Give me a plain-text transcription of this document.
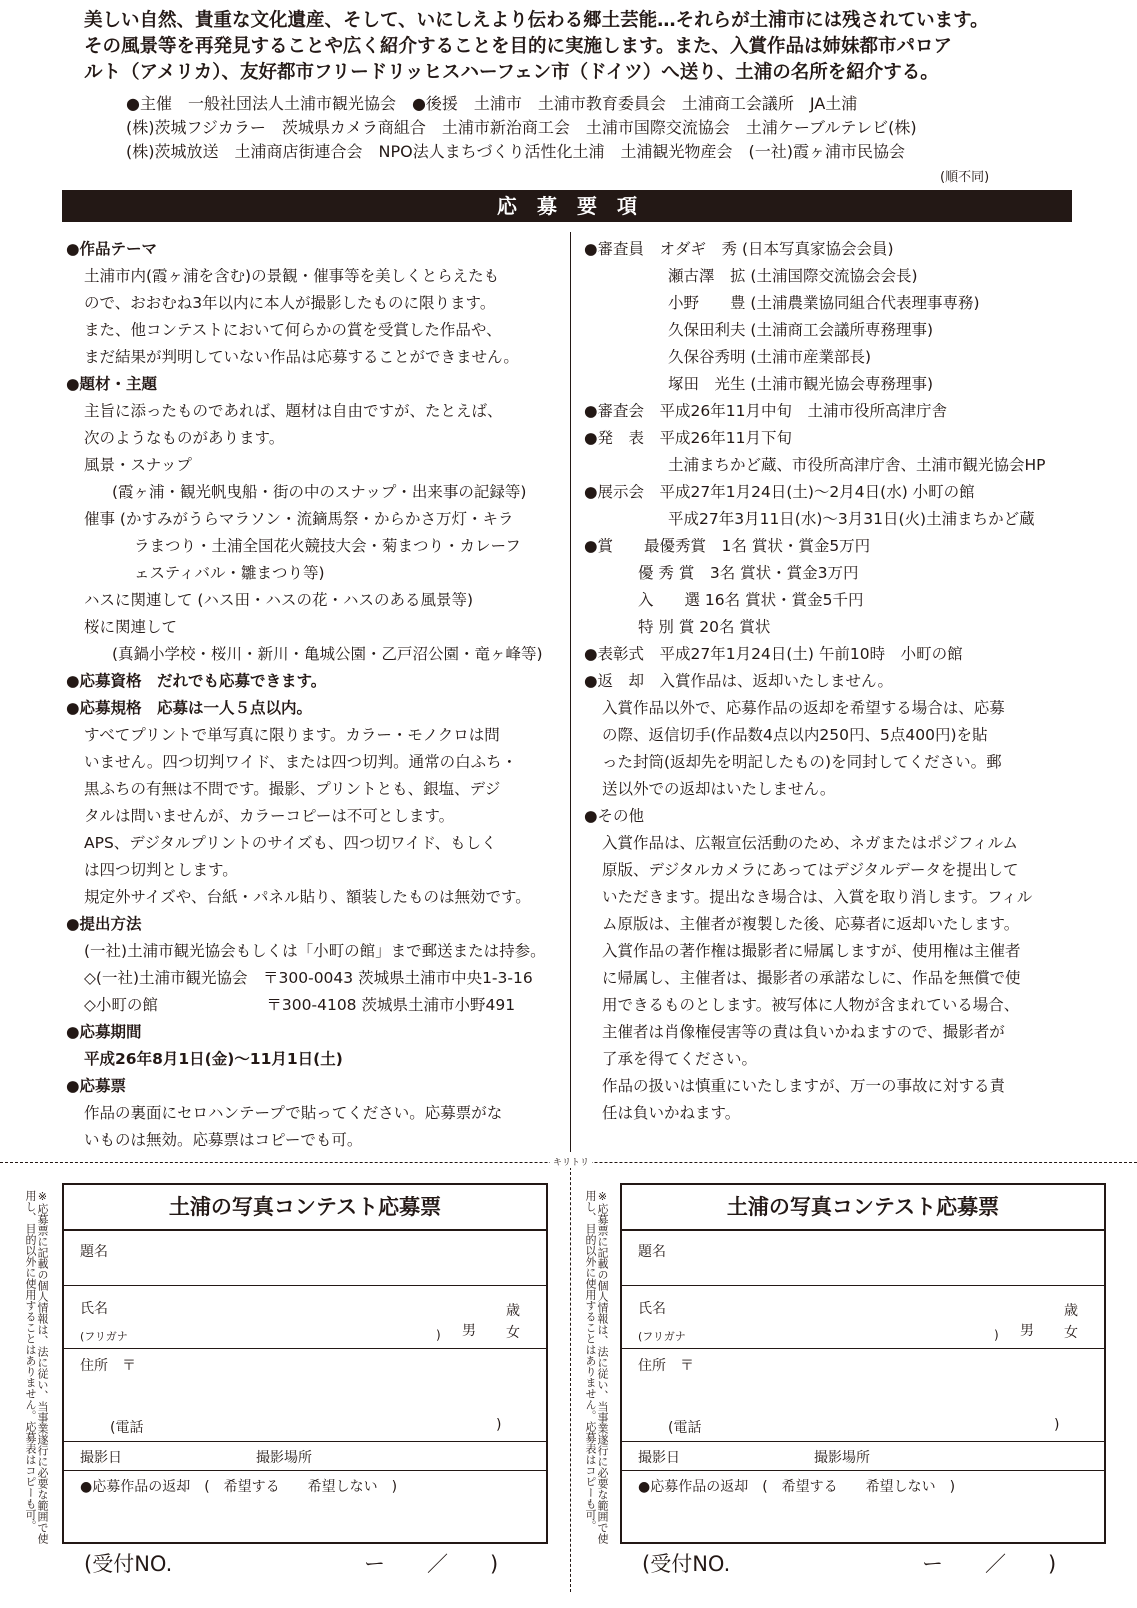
美しい自然、貴重な文化遺産、そして、いにしえより伝わる郷土芸能…それらが土浦市には残されています。
その風景等を再発見することや広く紹介することを目的に実施します。また、入賞作品は姉妹都市パロア
ルト（アメリカ）、友好都市フリードリッヒスハーフェン市（ドイツ）へ送り、土浦の名所を紹介する。
●主催　一般社団法人土浦市観光協会　●後援　土浦市　土浦市教育委員会　土浦商工会議所　JA土浦
(株)茨城フジカラー　茨城県カメラ商組合　土浦市新治商工会　土浦市国際交流協会　土浦ケーブルテレビ(株)
(株)茨城放送　土浦商店街連合会　NPO法人まちづくり活性化土浦　土浦観光物産会　(一社)霞ヶ浦市民協会
(順不同)
応　募　要　項
●作品テーマ
土浦市内(霞ヶ浦を含む)の景観・催事等を美しくとらえたも
ので、おおむね3年以内に本人が撮影したものに限ります。
また、他コンテストにおいて何らかの賞を受賞した作品や、
まだ結果が判明していない作品は応募することができません。
●題材・主題
主旨に添ったものであれば、題材は自由ですが、たとえば、
次のようなものがあります。
風景・スナップ
(霞ヶ浦・観光帆曳船・街の中のスナップ・出来事の記録等)
催事 (かすみがうらマラソン・流鏑馬祭・からかさ万灯・キラ
ラまつり・土浦全国花火競技大会・菊まつり・カレーフ
ェスティバル・雛まつり等)
ハスに関連して (ハス田・ハスの花・ハスのある風景等)
桜に関連して
(真鍋小学校・桜川・新川・亀城公園・乙戸沼公園・竜ヶ峰等)
●応募資格　だれでも応募できます。
●応募規格　応募は一人５点以内。
すべてプリントで単写真に限ります。カラー・モノクロは問
いません。四つ切判ワイド、または四つ切判。通常の白ふち・
黒ふちの有無は不問です。撮影、プリントとも、銀塩、デジ
タルは問いませんが、カラーコピーは不可とします。
APS、デジタルプリントのサイズも、四つ切ワイド、もしく
は四つ切判とします。
規定外サイズや、台紙・パネル貼り、額装したものは無効です。
●提出方法
(一社)土浦市観光協会もしくは「小町の館」まで郵送または持参。
◇(一社)土浦市観光協会　〒300-0043 茨城県土浦市中央1-3-16
◇小町の館　　　　　　　〒300-4108 茨城県土浦市小野491
●応募期間
平成26年8月1日(金)～11月1日(土)
●応募票
作品の裏面にセロハンテープで貼ってください。応募票がな
いものは無効。応募票はコピーでも可。
●審査員　オダギ　秀 (日本写真家協会会員)
瀬古澤　拡 (土浦国際交流協会会長)
小野　　豊 (土浦農業協同組合代表理事専務)
久保田利夫 (土浦商工会議所専務理事)
久保谷秀明 (土浦市産業部長)
塚田　光生 (土浦市観光協会専務理事)
●審査会　平成26年11月中旬　土浦市役所高津庁舎
●発　表　平成26年11月下旬
土浦まちかど蔵、市役所高津庁舎、土浦市観光協会HP
●展示会　平成27年1月24日(土)～2月4日(水) 小町の館
平成27年3月11日(水)～3月31日(火)土浦まちかど蔵
●賞　　最優秀賞　1名 賞状・賞金5万円
優 秀 賞　3名 賞状・賞金3万円
入　　選 16名 賞状・賞金5千円
特 別 賞 20名 賞状
●表彰式　平成27年1月24日(土) 午前10時　小町の館
●返　却　入賞作品は、返却いたしません。
入賞作品以外で、応募作品の返却を希望する場合は、応募
の際、返信切手(作品数4点以内250円、5点400円)を貼
った封筒(返却先を明記したもの)を同封してください。郵
送以外での返却はいたしません。
●その他
入賞作品は、広報宣伝活動のため、ネガまたはポジフィルム
原版、デジタルカメラにあってはデジタルデータを提出して
いただきます。提出なき場合は、入賞を取り消します。フィル
ム原版は、主催者が複製した後、応募者に返却いたします。
入賞作品の著作権は撮影者に帰属しますが、使用権は主催者
に帰属し、主催者は、撮影者の承諾なしに、作品を無償で使
用できるものとします。被写体に人物が含まれている場合、
主催者は肖像権侵害等の責は負いかねますので、撮影者が
了承を得てください。
作品の扱いは慎重にいたしますが、万一の事故に対する責
任は負いかねます。
キリトリ
※応募票に記載の個人情報は、法に従い、当事業遂行に必要な範囲で使用し、目的以外に使用することはありません。応募表はコピーも可。	土浦の写真コンテスト応募票
題名
氏名
(フリガナ	) 男
歳
女
住所　〒
(電話	)
撮影日	撮影場所
●応募作品の返却　(　希望する　　希望しない　)
(受付NO.	ー　　／　　)
※応募票に記載の個人情報は、法に従い、当事業遂行に必要な範囲で使用し、目的以外に使用することはありません。応募表はコピーも可。	土浦の写真コンテスト応募票
題名
氏名
(フリガナ	) 男
歳
女
住所　〒
(電話	)
撮影日	撮影場所
●応募作品の返却　(　希望する　　希望しない　)
(受付NO.	ー　　／　　)
